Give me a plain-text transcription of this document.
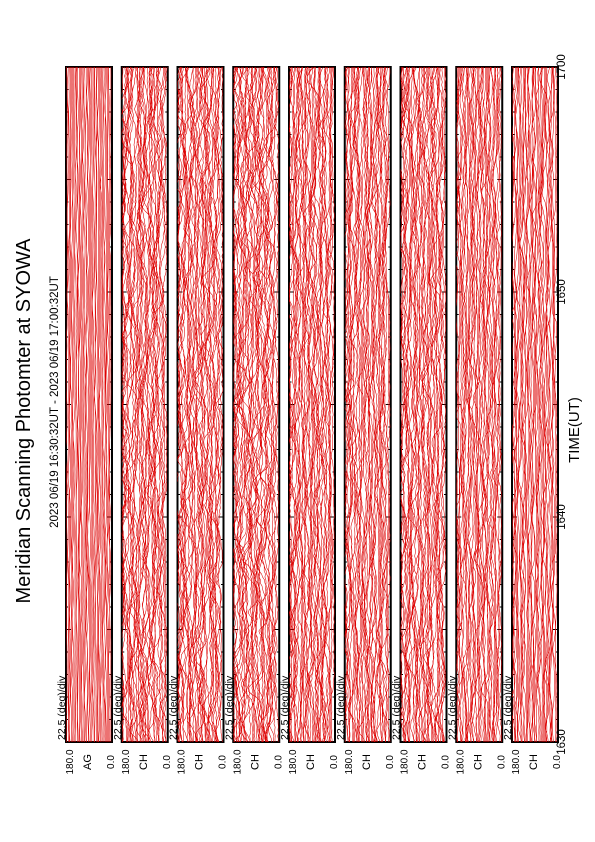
Meridian Scanning Photomter at SYOWA 2023 06/19 16:30:32UT - 2023 06/19 17:00:32UT	TIME(UT)
180.0 AG 0.0
22.5 (deg)/div
180.0 CH 0.0
22.5 (deg)/div
180.0 CH 0.0
22.5 (deg)/div
180.0 CH 0.0
22.5 (deg)/div
180.0 CH 0.0
22.5 (deg)/div
180.0 CH 0.0
22.5 (deg)/div
180.0 CH 0.0
22.5 (deg)/div
180.0 CH 0.0
22.5 (deg)/div
180.0 CH 0.0
22.5 (deg)/div
1630
1640
1650
1700
